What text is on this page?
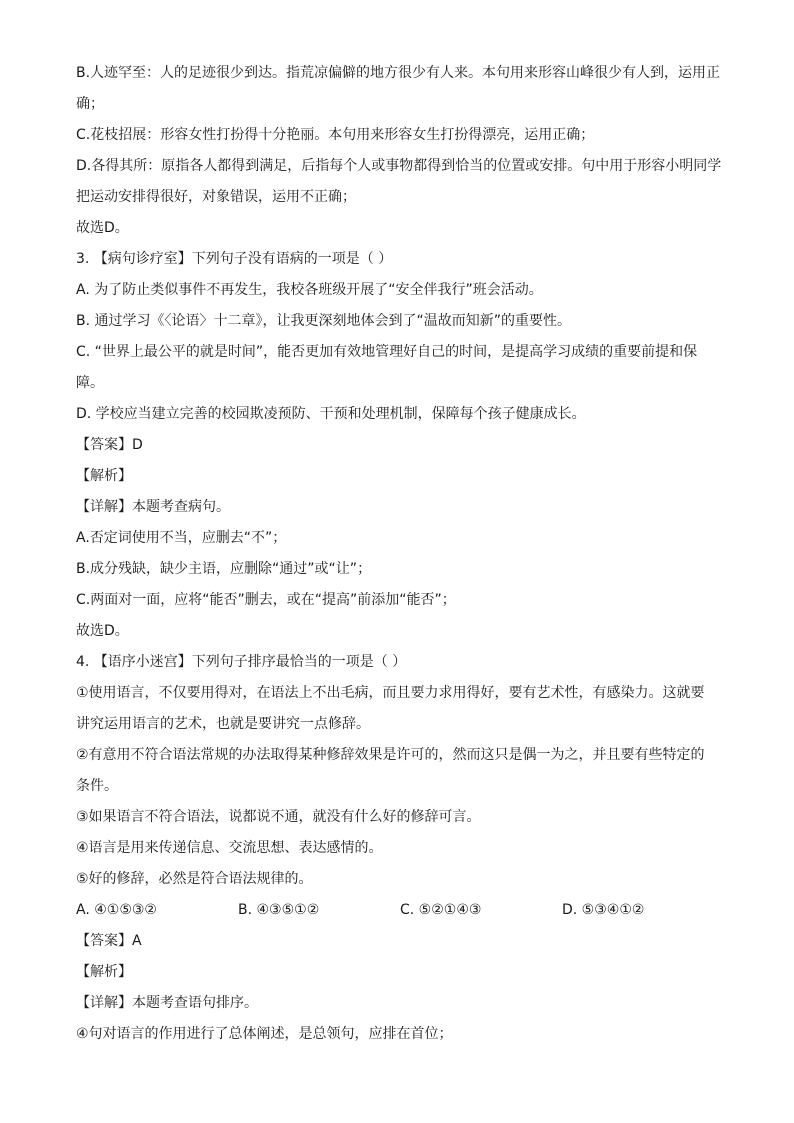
B.人迹罕至：人的足迹很少到达。指荒凉偏僻的地方很少有人来。本句用来形容山峰很少有人到，运用正
确；
C.花枝招展：形容女性打扮得十分艳丽。本句用来形容女生打扮得漂亮，运用正确；
D.各得其所：原指各人都得到满足，后指每个人或事物都得到恰当的位置或安排。句中用于形容小明同学
把运动安排得很好，对象错误，运用不正确；
故选D。
3. 【病句诊疗室】下列句子没有语病的一项是（ ）
A. 为了防止类似事件不再发生，我校各班级开展了“安全伴我行”班会活动。
B. 通过学习《〈论语〉十二章》，让我更深刻地体会到了“温故而知新”的重要性。
C. “世界上最公平的就是时间”，能否更加有效地管理好自己的时间，是提高学习成绩的重要前提和保
障。
D. 学校应当建立完善的校园欺凌预防、干预和处理机制，保障每个孩子健康成长。
【答案】D
【解析】
【详解】本题考查病句。
A.否定词使用不当，应删去“不”；
B.成分残缺，缺少主语，应删除“通过”或“让”；
C.两面对一面，应将“能否”删去，或在“提高”前添加“能否”；
故选D。
4. 【语序小迷宫】下列句子排序最恰当的一项是（ ）
①使用语言，不仅要用得对，在语法上不出毛病，而且要力求用得好，要有艺术性，有感染力。这就要
讲究运用语言的艺术，也就是要讲究一点修辞。
②有意用不符合语法常规的办法取得某种修辞效果是许可的，然而这只是偶一为之，并且要有些特定的
条件。
③如果语言不符合语法，说都说不通，就没有什么好的修辞可言。
④语言是用来传递信息、交流思想、表达感情的。
⑤好的修辞，必然是符合语法规律的。
A. ④①⑤③②	B. ④③⑤①②	C. ⑤②①④③	D. ⑤③④①②
【答案】A
【解析】
【详解】本题考查语句排序。
④句对语言的作用进行了总体阐述，是总领句，应排在首位；
